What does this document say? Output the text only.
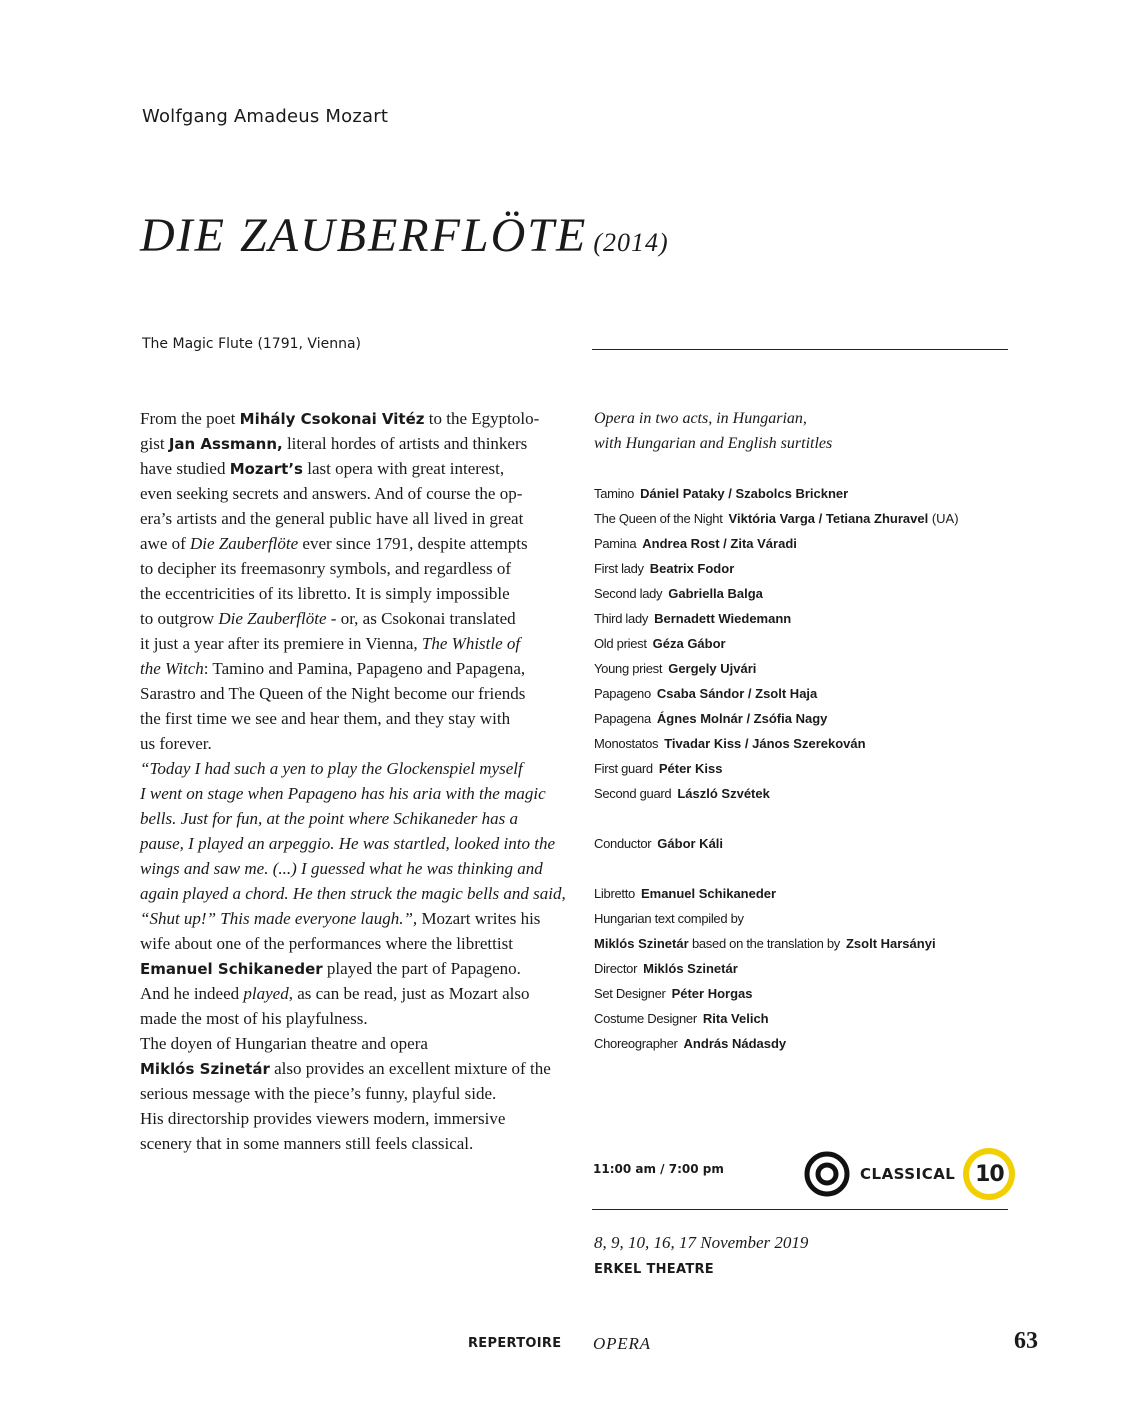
Wolfgang Amadeus Mozart
DIE ZAUBERFLÖTE (2014)
The Magic Flute (1791, Vienna)
From the poet Mihály Csokonai Vitéz to the Egyptolo-
gist Jan Assmann, literal hordes of artists and thinkers
have studied Mozart’s last opera with great interest,
even seeking secrets and answers. And of course the op-
era’s artists and the general public have all lived in great
awe of Die Zauberflöte ever since 1791, despite attempts
to decipher its freemasonry symbols, and regardless of
the eccentricities of its libretto. It is simply impossible
to outgrow Die Zauberflöte - or, as Csokonai translated
it just a year after its premiere in Vienna, The Whistle of
the Witch: Tamino and Pamina, Papageno and Papagena,
Sarastro and The Queen of the Night become our friends
the first time we see and hear them, and they stay with
us forever.
“Today I had such a yen to play the Glockenspiel myself
I went on stage when Papageno has his aria with the magic
bells. Just for fun, at the point where Schikaneder has a
pause, I played an arpeggio. He was startled, looked into the
wings and saw me. (...) I guessed what he was thinking and
again played a chord. He then struck the magic bells and said,
“Shut up!” This made everyone laugh.”, Mozart writes his
wife about one of the performances where the librettist
Emanuel Schikaneder played the part of Papageno.
And he indeed played, as can be read, just as Mozart also
made the most of his playfulness.
The doyen of Hungarian theatre and opera
Miklós Szinetár also provides an excellent mixture of the
serious message with the piece’s funny, playful side.
His directorship provides viewers modern, immersive
scenery that in some manners still feels classical.
Opera in two acts, in Hungarian,
with Hungarian and English surtitles
Tamino Dániel Pataky / Szabolcs Brickner
The Queen of the Night Viktória Varga / Tetiana Zhuravel (UA)
Pamina Andrea Rost / Zita Váradi
First lady Beatrix Fodor
Second lady Gabriella Balga
Third lady Bernadett Wiedemann
Old priest Géza Gábor
Young priest Gergely Ujvári
Papageno Csaba Sándor / Zsolt Haja
Papagena Ágnes Molnár / Zsófia Nagy
Monostatos Tivadar Kiss / János Szerekován
First guard Péter Kiss
Second guard László Szvétek
Conductor Gábor Káli
Libretto Emanuel Schikaneder
Hungarian text compiled by
Miklós Szinetár based on the translation by Zsolt Harsányi
Director Miklós Szinetár
Set Designer Péter Horgas
Costume Designer Rita Velich
Choreographer András Nádasdy
11:00 am / 7:00 pm	CLASSICAL 10
8, 9, 10, 16, 17 November 2019
ERKEL THEATRE
REPERTOIRE OPERA	63
